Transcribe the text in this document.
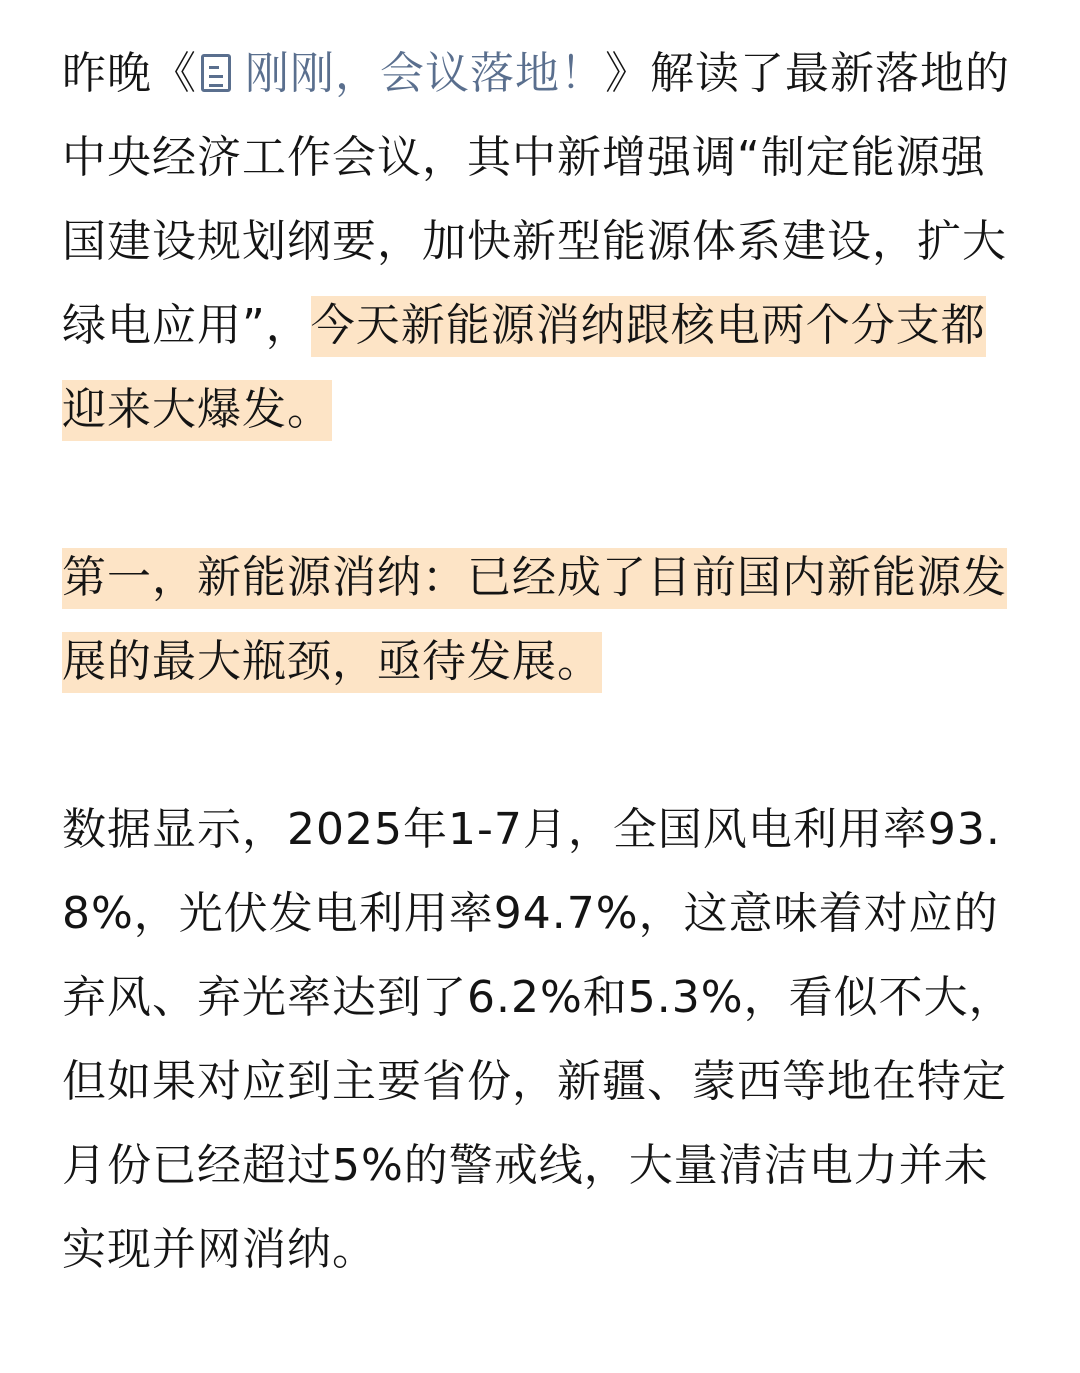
昨晚《 刚刚，会议落地！》解读了最新落地的中央经济工作会议，其中新增强调“制定能源强国建设规划纲要，加快新型能源体系建设，扩大绿电应用”，今天新能源消纳跟核电两个分支都迎来大爆发。

第一，新能源消纳：已经成了目前国内新能源发展的最大瓶颈，亟待发展。

数据显示，2025年1-7月，全国风电利用率93.8%，光伏发电利用率94.7%，这意味着对应的弃风、弃光率达到了6.2%和5.3%，看似不大，但如果对应到主要省份，新疆、蒙西等地在特定月份已经超过5%的警戒线，大量清洁电力并未实现并网消纳。
